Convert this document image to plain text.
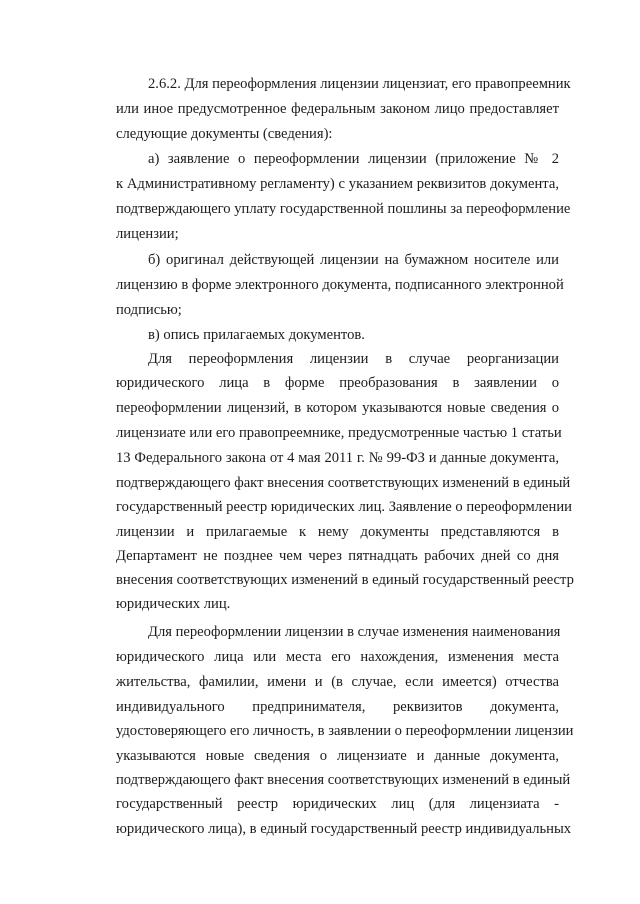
2.6.2. Для переоформления лицензии лицензиат, его правопреемник
или иное предусмотренное федеральным законом лицо предоставляет
следующие документы (сведения):
а) заявление о переоформлении лицензии (приложение № 2
к Административному регламенту) с указанием реквизитов документа,
подтверждающего уплату государственной пошлины за переоформление
лицензии;
б) оригинал действующей лицензии на бумажном носителе или
лицензию в форме электронного документа, подписанного электронной
подписью;
в) опись прилагаемых документов.
Для переоформления лицензии в случае реорганизации
юридического лица в форме преобразования в заявлении о
переоформлении лицензий, в котором указываются новые сведения о
лицензиате или его правопреемнике, предусмотренные частью 1 статьи
13 Федерального закона от 4 мая 2011 г. № 99-ФЗ и данные документа,
подтверждающего факт внесения соответствующих изменений в единый
государственный реестр юридических лиц. Заявление о переоформлении
лицензии и прилагаемые к нему документы представляются в
Департамент не позднее чем через пятнадцать рабочих дней со дня
внесения соответствующих изменений в единый государственный реестр
юридических лиц.
Для переоформлении лицензии в случае изменения наименования
юридического лица или места его нахождения, изменения места
жительства, фамилии, имени и (в случае, если имеется) отчества
индивидуального предпринимателя, реквизитов документа,
удостоверяющего его личность, в заявлении о переоформлении лицензии
указываются новые сведения о лицензиате и данные документа,
подтверждающего факт внесения соответствующих изменений в единый
государственный реестр юридических лиц (для лицензиата -
юридического лица), в единый государственный реестр индивидуальных
